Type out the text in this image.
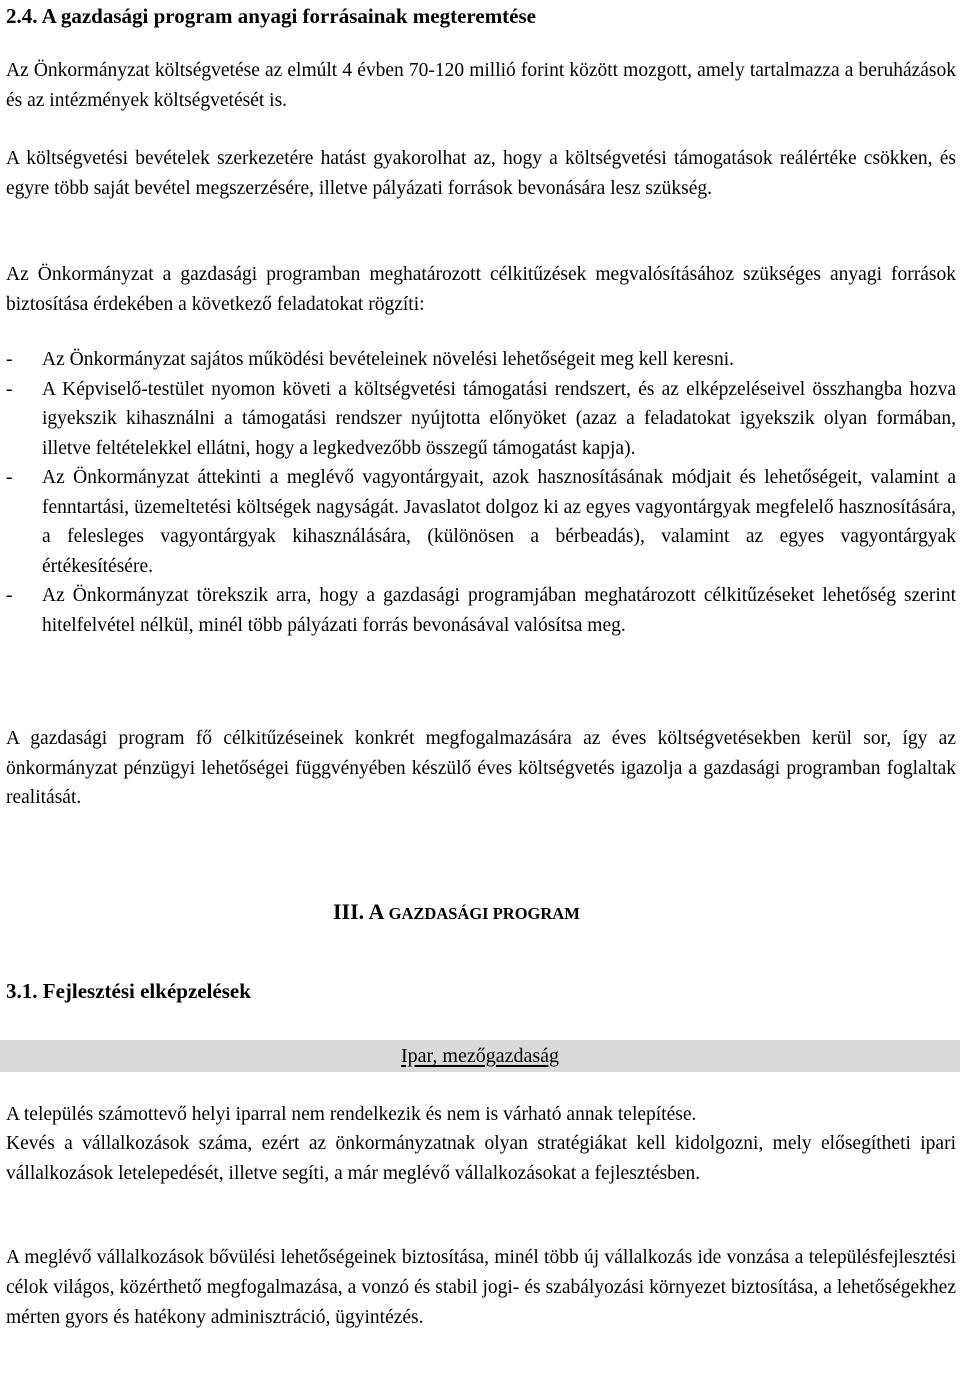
2.4. A gazdasági program anyagi forrásainak megteremtése

Az Önkormányzat költségvetése az elmúlt 4 évben 70-120 millió forint között mozgott, amely tartalmazza a beruházások és az intézmények költségvetését is.

A költségvetési bevételek szerkezetére hatást gyakorolhat az, hogy a költségvetési támogatások reálértéke csökken, és egyre több saját bevétel megszerzésére, illetve pályázati források bevonására lesz szükség.

Az Önkormányzat a gazdasági programban meghatározott célkitűzések megvalósításához szükséges anyagi források biztosítása érdekében a következő feladatokat rögzíti:

-	Az Önkormányzat sajátos működési bevételeinek növelési lehetőségeit meg kell keresni.
-	A Képviselő-testület nyomon követi a költségvetési támogatási rendszert, és az elképzeléseivel összhangba hozva igyekszik kihasználni a támogatási rendszer nyújtotta előnyöket (azaz a feladatokat igyekszik olyan formában, illetve feltételekkel ellátni, hogy a legkedvezőbb összegű támogatást kapja).
-	Az Önkormányzat áttekinti a meglévő vagyontárgyait, azok hasznosításának módjait és lehetőségeit, valamint a fenntartási, üzemeltetési költségek nagyságát. Javaslatot dolgoz ki az egyes vagyontárgyak megfelelő hasznosítására, a felesleges vagyontárgyak kihasználására, (különösen a bérbeadás), valamint az egyes vagyontárgyak értékesítésére.
-	Az Önkormányzat törekszik arra, hogy a gazdasági programjában meghatározott célkitűzéseket lehetőség szerint hitelfelvétel nélkül, minél több pályázati forrás bevonásával valósítsa meg.

A gazdasági program fő célkitűzéseinek konkrét megfogalmazására az éves költségvetésekben kerül sor, így az önkormányzat pénzügyi lehetőségei függvényében készülő éves költségvetés igazolja a gazdasági programban foglaltak realitását.

III. A GAZDASÁGI PROGRAM
3.1. Fejlesztési elképzelések
Ipar, mezőgazdaság

A település számottevő helyi iparral nem rendelkezik és nem is várható annak telepítése.

Kevés a vállalkozások száma, ezért az önkormányzatnak olyan stratégiákat kell kidolgozni, mely elősegítheti ipari vállalkozások letelepedését, illetve segíti, a már meglévő vállalkozásokat a fejlesztésben.

A meglévő vállalkozások bővülési lehetőségeinek biztosítása, minél több új vállalkozás ide vonzása a településfejlesztési célok világos, közérthető megfogalmazása, a vonzó és stabil jogi- és szabályozási környezet biztosítása, a lehetőségekhez mérten gyors és hatékony adminisztráció, ügyintézés.
